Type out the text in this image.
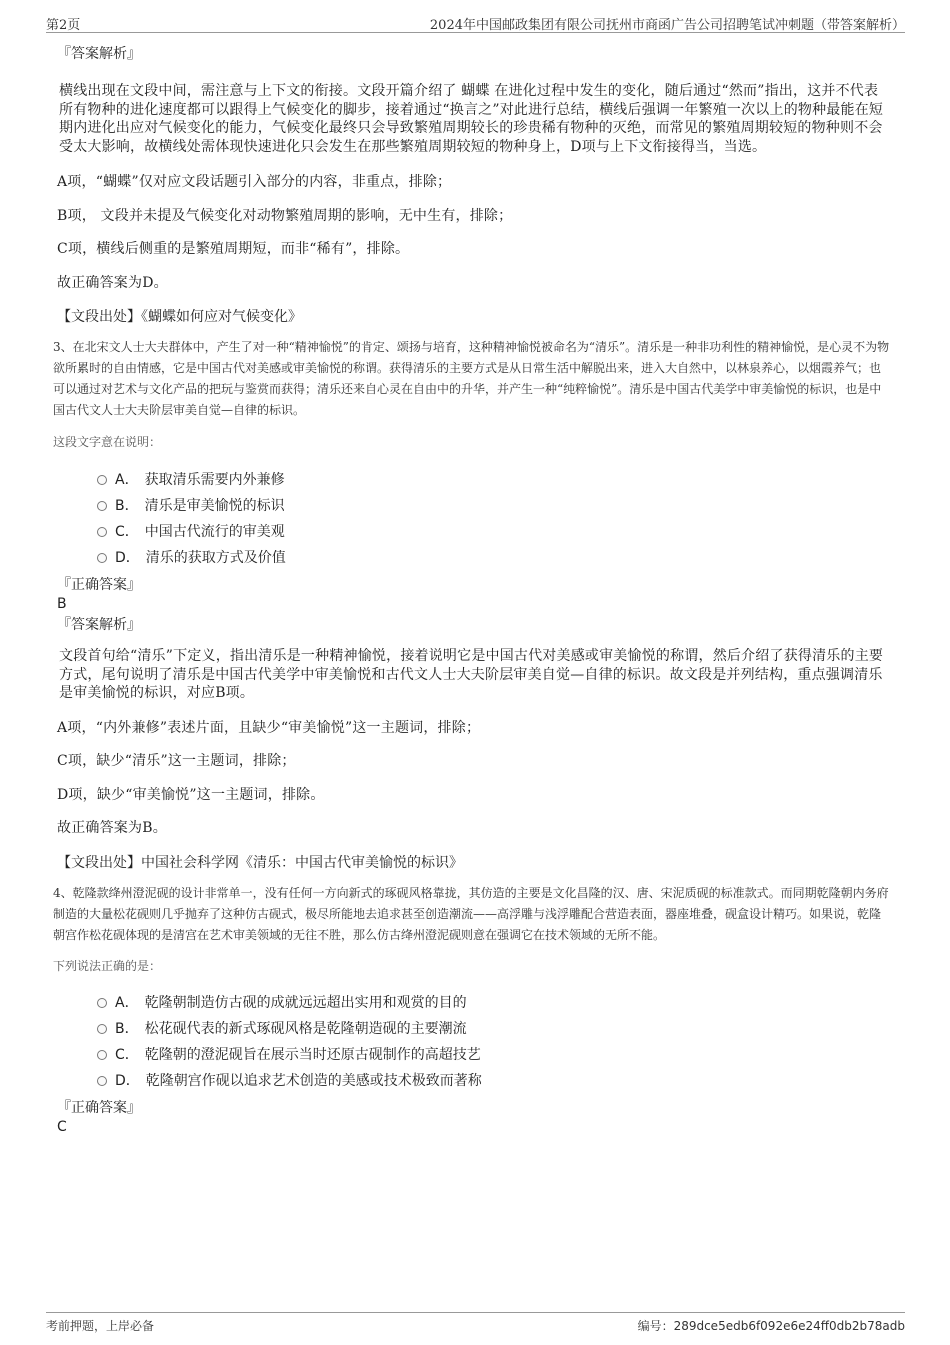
第2页	2024年中国邮政集团有限公司抚州市商函广告公司招聘笔试冲刺题（带答案解析）

『答案解析』

横线出现在文段中间，需注意与上下文的衔接。文段开篇介绍了 蝴蝶 在进化过程中发生的变化，随后通过“然而”指出，这并不代表所有物种的进化速度都可以跟得上气候变化的脚步，接着通过“换言之”对此进行总结，横线后强调一年繁殖一次以上的物种最能在短期内进化出应对气候变化的能力，气候变化最终只会导致繁殖周期较长的珍贵稀有物种的灭绝，而常见的繁殖周期较短的物种则不会受太大影响，故横线处需体现快速进化只会发生在那些繁殖周期较短的物种身上，D项与上下文衔接得当，当选。

A项，“蝴蝶”仅对应文段话题引入部分的内容，非重点，排除；

B项， 文段并未提及气候变化对动物繁殖周期的影响，无中生有，排除；

C项，横线后侧重的是繁殖周期短，而非“稀有”，排除。

故正确答案为D。

【文段出处】《蝴蝶如何应对气候变化》

3、在北宋文人士大夫群体中，产生了对一种“精神愉悦”的肯定、颂扬与培育，这种精神愉悦被命名为“清乐”。清乐是一种非功利性的精神愉悦，是心灵不为物欲所累时的自由情感，它是中国古代对美感或审美愉悦的称谓。获得清乐的主要方式是从日常生活中解脱出来，进入大自然中，以林泉养心，以烟霞养气；也可以通过对艺术与文化产品的把玩与鉴赏而获得；清乐还来自心灵在自由中的升华，并产生一种“纯粹愉悦”。清乐是中国古代美学中审美愉悦的标识，也是中国古代文人士大夫阶层审美自觉—自律的标识。

这段文字意在说明：

A． 获取清乐需要内外兼修
B． 清乐是审美愉悦的标识
C． 中国古代流行的审美观
D． 清乐的获取方式及价值

『正确答案』

B

『答案解析』

文段首句给“清乐”下定义，指出清乐是一种精神愉悦，接着说明它是中国古代对美感或审美愉悦的称谓，然后介绍了获得清乐的主要方式，尾句说明了清乐是中国古代美学中审美愉悦和古代文人士大夫阶层审美自觉—自律的标识。故文段是并列结构，重点强调清乐是审美愉悦的标识，对应B项。

A项，“内外兼修”表述片面，且缺少“审美愉悦”这一主题词，排除；

C项，缺少“清乐”这一主题词，排除；

D项，缺少“审美愉悦”这一主题词，排除。

故正确答案为B。

【文段出处】中国社会科学网《清乐：中国古代审美愉悦的标识》

4、乾隆款绛州澄泥砚的设计非常单一，没有任何一方向新式的琢砚风格靠拢，其仿造的主要是文化昌隆的汉、唐、宋泥质砚的标准款式。而同期乾隆朝内务府制造的大量松花砚则几乎抛弃了这种仿古砚式，极尽所能地去追求甚至创造潮流——高浮雕与浅浮雕配合营造表面，器座堆叠，砚盒设计精巧。如果说，乾隆朝宫作松花砚体现的是清宫在艺术审美领域的无往不胜，那么仿古绛州澄泥砚则意在强调它在技术领域的无所不能。

下列说法正确的是：

A． 乾隆朝制造仿古砚的成就远远超出实用和观赏的目的
B． 松花砚代表的新式琢砚风格是乾隆朝造砚的主要潮流
C． 乾隆朝的澄泥砚旨在展示当时还原古砚制作的高超技艺
D． 乾隆朝宫作砚以追求艺术创造的美感或技术极致而著称

『正确答案』

C

考前押题，上岸必备	编号：289dce5edb6f092e6e24ff0db2b78adb
